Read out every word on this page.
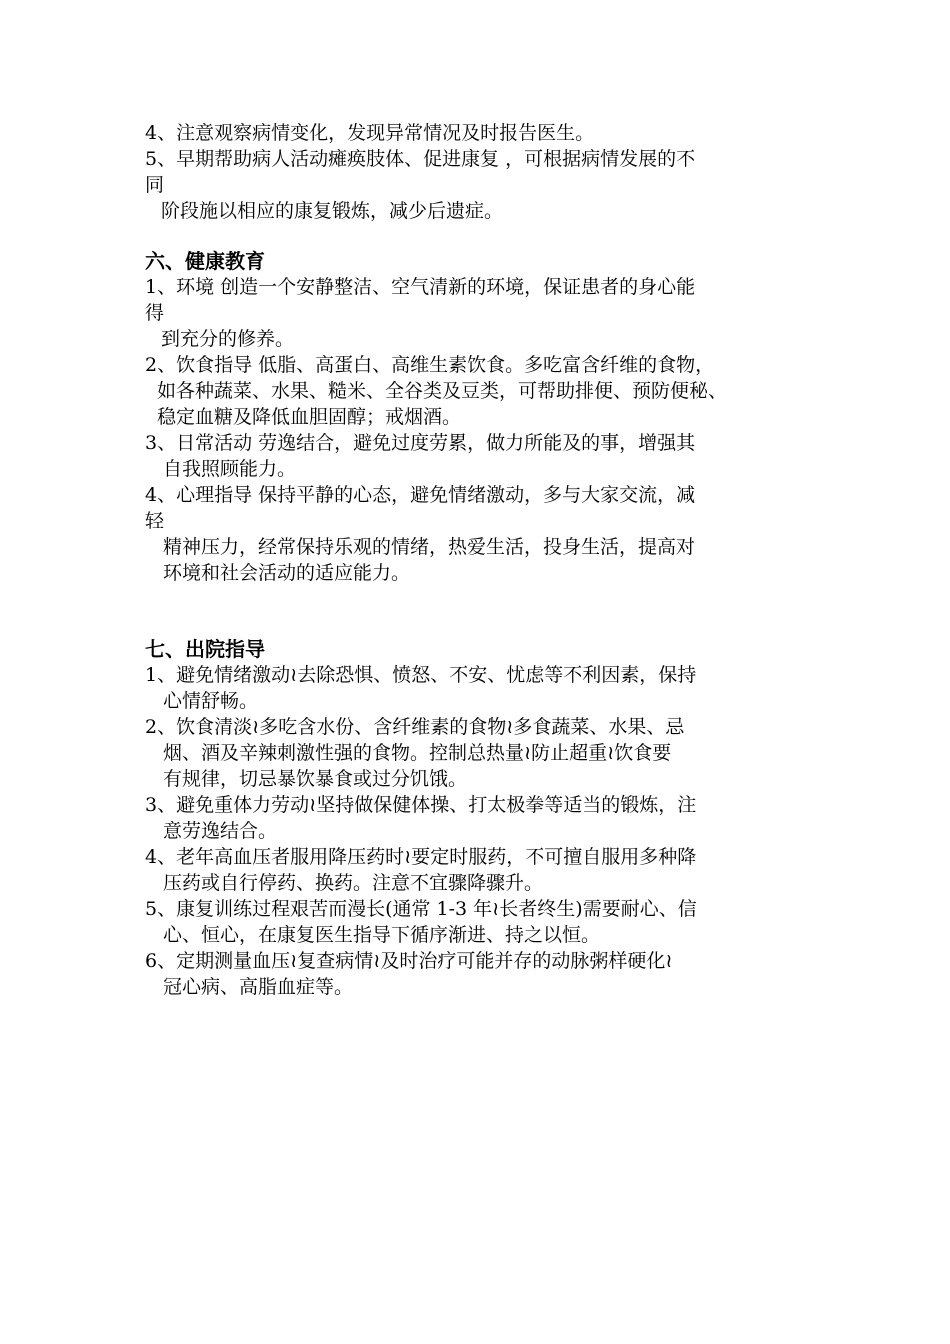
4、注意观察病情变化，发现异常情况及时报告医生。
5、早期帮助病人活动瘫痪肢体、促进康复 ，可根据病情发展的不
同
阶段施以相应的康复锻炼，减少后遗症。
六、健康教育
1、环境 创造一个安静整洁、空气清新的环境，保证患者的身心能
得
到充分的修养。
2、饮食指导 低脂、高蛋白、高维生素饮食。多吃富含纤维的食物，
如各种蔬菜、水果、糙米、全谷类及豆类，可帮助排便、预防便秘、
稳定血糖及降低血胆固醇；戒烟酒。
3、日常活动 劳逸结合，避免过度劳累，做力所能及的事，增强其
自我照顾能力。
4、心理指导 保持平静的心态，避免情绪激动，多与大家交流，减
轻
精神压力，经常保持乐观的情绪，热爱生活，投身生活，提高对
环境和社会活动的适应能力。
七、出院指导
1、避免情绪激动≀去除恐惧、愤怒、不安、忧虑等不利因素，保持
心情舒畅。
2、饮食清淡≀多吃含水份、含纤维素的食物≀多食蔬菜、水果、忌
烟、酒及辛辣刺激性强的食物。控制总热量≀防止超重≀饮食要
有规律，切忌暴饮暴食或过分饥饿。
3、避免重体力劳动≀坚持做保健体操、打太极拳等适当的锻炼，注
意劳逸结合。
4、老年高血压者服用降压药时≀要定时服药，不可擅自服用多种降
压药或自行停药、换药。注意不宜骤降骤升。
5、康复训练过程艰苦而漫长(通常 1-3 年≀长者终生)需要耐心、信
心、恒心，在康复医生指导下循序渐进、持之以恒。
6、定期测量血压≀复查病情≀及时治疗可能并存的动脉粥样硬化≀
冠心病、高脂血症等。
